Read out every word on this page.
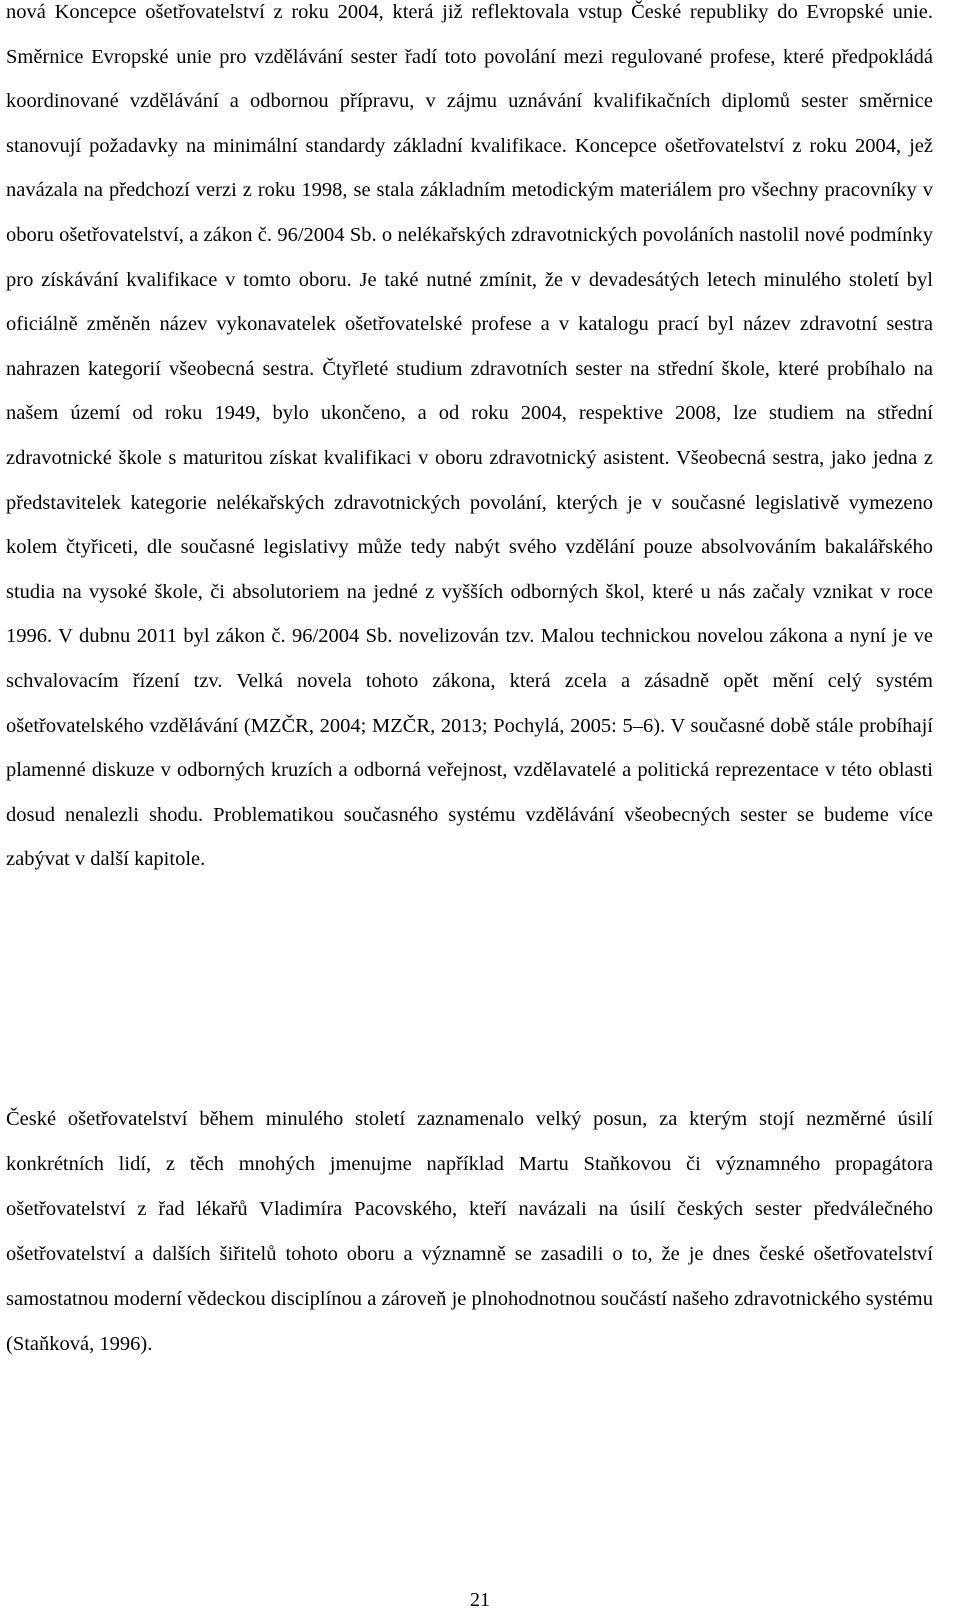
nová Koncepce ošetřovatelství z roku 2004, která již reflektovala vstup České republiky do Evropské unie. Směrnice Evropské unie pro vzdělávání sester řadí toto povolání mezi regulované profese, které předpokládá koordinované vzdělávání a odbornou přípravu, v zájmu uznávání kvalifikačních diplomů sester směrnice stanovují požadavky na minimální standardy základní kvalifikace. Koncepce ošetřovatelství z roku 2004, jež navázala na předchozí verzi z roku 1998, se stala základním metodickým materiálem pro všechny pracovníky v oboru ošetřovatelství, a zákon č. 96/2004 Sb. o nelékařských zdravotnických povoláních nastolil nové podmínky pro získávání kvalifikace v tomto oboru. Je také nutné zmínit, že v devadesátých letech minulého století byl oficiálně změněn název vykonavatelek ošetřovatelské profese a v katalogu prací byl název zdravotní sestra nahrazen kategorií všeobecná sestra. Čtyřleté studium zdravotních sester na střední škole, které probíhalo na našem území od roku 1949, bylo ukončeno, a od roku 2004, respektive 2008, lze studiem na střední zdravotnické škole s maturitou získat kvalifikaci v oboru zdravotnický asistent. Všeobecná sestra, jako jedna z představitelek kategorie nelékařských zdravotnických povolání, kterých je v současné legislativě vymezeno kolem čtyřiceti, dle současné legislativy může tedy nabýt svého vzdělání pouze absolvováním bakalářského studia na vysoké škole, či absolutoriem na jedné z vyšších odborných škol, které u nás začaly vznikat v roce 1996. V dubnu 2011 byl zákon č. 96/2004 Sb. novelizován tzv. Malou technickou novelou zákona a nyní je ve schvalovacím řízení tzv. Velká novela tohoto zákona, která zcela a zásadně opět mění celý systém ošetřovatelského vzdělávání (MZČR, 2004; MZČR, 2013; Pochylá, 2005: 5–6). V současné době stále probíhají plamenné diskuze v odborných kruzích a odborná veřejnost, vzdělavatelé a politická reprezentace v této oblasti dosud nenalezli shodu. Problematikou současného systému vzdělávání všeobecných sester se budeme více zabývat v další kapitole.

České ošetřovatelství během minulého století zaznamenalo velký posun, za kterým stojí nezměrné úsilí konkrétních lidí, z těch mnohých jmenujme například Martu Staňkovou či významného propagátora ošetřovatelství z řad lékařů Vladimíra Pacovského, kteří navázali na úsilí českých sester předválečného ošetřovatelství a dalších šiřitelů tohoto oboru a významně se zasadili o to, že je dnes české ošetřovatelství samostatnou moderní vědeckou disciplínou a zároveň je plnohodnotnou součástí našeho zdravotnického systému (Staňková, 1996).

21
